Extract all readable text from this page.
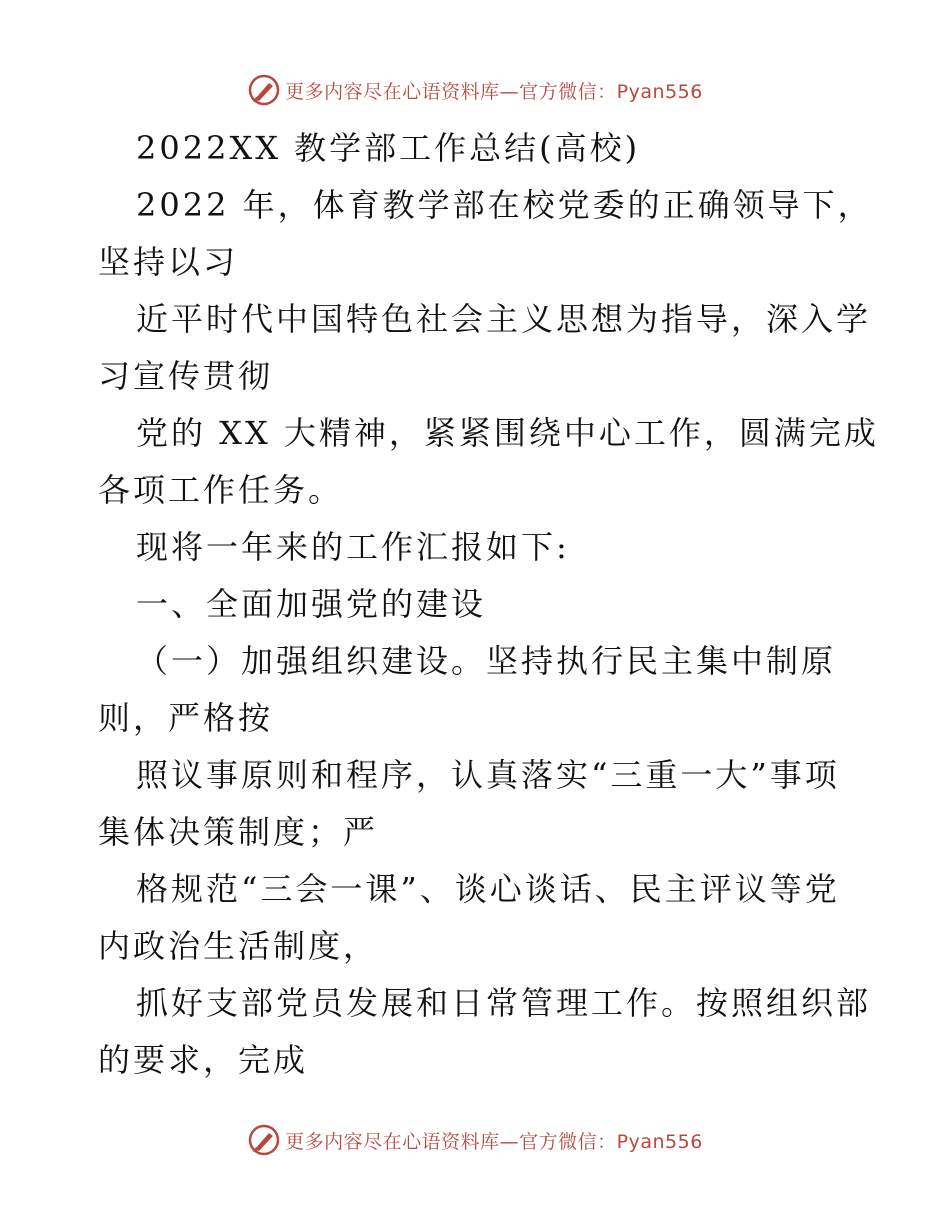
更多内容尽在心语资料库—官方微信：Pyan556

2022XX 教学部工作总结(高校)

2022 年，体育教学部在校党委的正确领导下，

坚持以习

近平时代中国特色社会主义思想为指导，深入学

习宣传贯彻

党的 XX 大精神，紧紧围绕中心工作，圆满完成

各项工作任务。

现将一年来的工作汇报如下:

一、全面加强党的建设

（一）加强组织建设。坚持执行民主集中制原

则，严格按

照议事原则和程序，认真落实“三重一大”事项

集体决策制度；严

格规范“三会一课”、谈心谈话、民主评议等党

内政治生活制度，

抓好支部党员发展和日常管理工作。按照组织部

的要求，完成

更多内容尽在心语资料库—官方微信：Pyan556
